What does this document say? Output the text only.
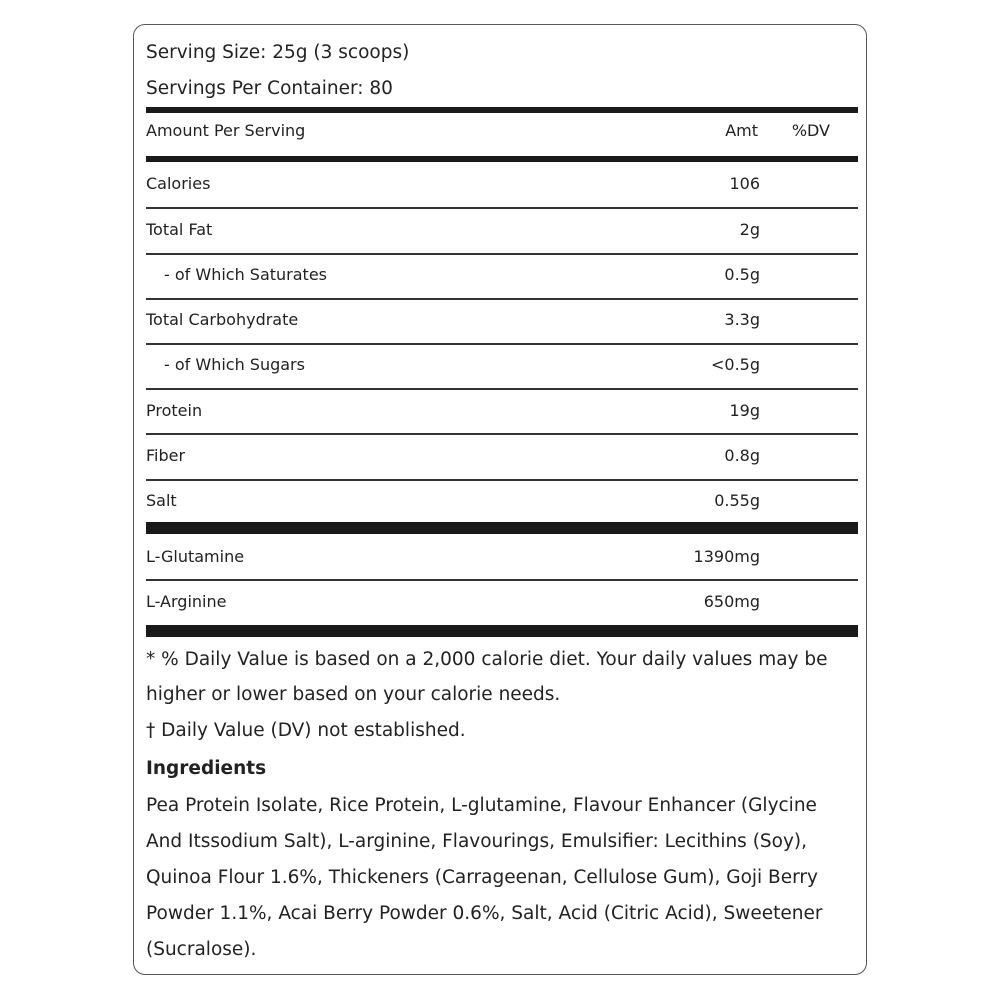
Serving Size: 25g (3 scoops)
Servings Per Container: 80
Amount Per Serving	Amt %DV
Calories	106
Total Fat	2g
- of Which Saturates	0.5g
Total Carbohydrate	3.3g
- of Which Sugars	<0.5g
Protein	19g
Fiber	0.8g
Salt	0.55g
L-Glutamine	1390mg
L-Arginine	650mg
* % Daily Value is based on a 2,000 calorie diet. Your daily values may be higher or lower based on your calorie needs.
† Daily Value (DV) not established.
Ingredients
Pea Protein Isolate, Rice Protein, L-glutamine, Flavour Enhancer (Glycine And Itssodium Salt), L-arginine, Flavourings, Emulsifier: Lecithins (Soy), Quinoa Flour 1.6%, Thickeners (Carrageenan, Cellulose Gum), Goji Berry Powder 1.1%, Acai Berry Powder 0.6%, Salt, Acid (Citric Acid), Sweetener (Sucralose).
